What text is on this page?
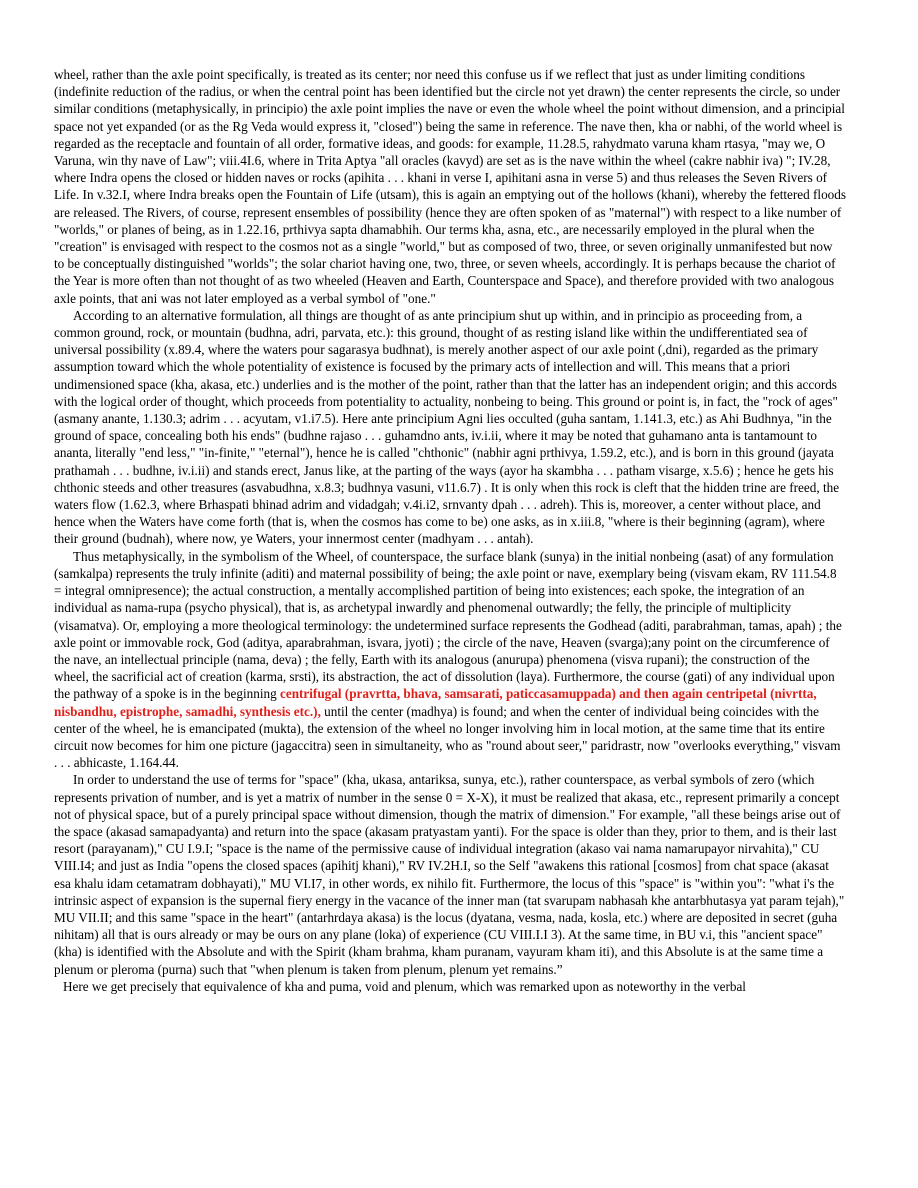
wheel, rather than the axle point specifically, is treated as its center; nor need this confuse us if we reflect that just as under limiting conditions (indefinite reduction of the radius, or when the central point has been identified but the circle not yet drawn) the center represents the circle, so under similar conditions (metaphysically, in principio) the axle point implies the nave or even the whole wheel the point without dimension, and a principial space not yet expanded (or as the Rg Veda would express it, "closed") being the same in reference. The nave then, kha or nabhi, of the world wheel is regarded as the receptacle and fountain of all order, formative ideas, and goods: for example, 11.28.5, rahydmato varuna kham rtasya, "may we, O Varuna, win thy nave of Law"; viii.4I.6, where in Trita Aptya "all oracles (kavyd) are set as is the nave within the wheel (cakre nabhir iva) "; IV.28, where Indra opens the closed or hidden naves or rocks (apihita . . . khani in verse I, apihitani asna in verse 5) and thus releases the Seven Rivers of Life. In v.32.I, where Indra breaks open the Fountain of Life (utsam), this is again an emptying out of the hollows (khani), whereby the fettered floods are released. The Rivers, of course, represent ensembles of possibility (hence they are often spoken of as "maternal") with respect to a like number of "worlds," or planes of being, as in 1.22.16, prthivya sapta dhamabhih. Our terms kha, asna, etc., are necessarily employed in the plural when the "creation" is envisaged with respect to the cosmos not as a single "world," but as composed of two, three, or seven originally unmanifested but now to be conceptually distinguished "worlds"; the solar chariot having one, two, three, or seven wheels, accordingly. It is perhaps because the chariot of the Year is more often than not thought of as two wheeled (Heaven and Earth, Counterspace and Space), and therefore provided with two analogous axle points, that ani was not later employed as a verbal symbol of "one."

According to an alternative formulation, all things are thought of as ante principium shut up within, and in principio as proceeding from, a common ground, rock, or mountain (budhna, adri, parvata, etc.): this ground, thought of as resting island like within the undifferentiated sea of universal possibility (x.89.4, where the waters pour sagarasya budhnat), is merely another aspect of our axle point (,dni), regarded as the primary assumption toward which the whole potentiality of existence is focused by the primary acts of intellection and will. This means that a priori undimensioned space (kha, akasa, etc.) underlies and is the mother of the point, rather than that the latter has an independent origin; and this accords with the logical order of thought, which proceeds from potentiality to actuality, nonbeing to being. This ground or point is, in fact, the "rock of ages" (asmany anante, 1.130.3; adrim . . . acyutam, v1.i7.5). Here ante principium Agni lies occulted (guha santam, 1.141.3, etc.) as Ahi Budhnya, "in the ground of space, concealing both his ends" (budhne rajaso . . . guhamdno ants, iv.i.ii, where it may be noted that guhamano anta is tantamount to ananta, literally "end less," "in-finite," "eternal"), hence he is called "chthonic" (nabhir agni prthivya, 1.59.2, etc.), and is born in this ground (jayata prathamah . . . budhne, iv.i.ii) and stands erect, Janus like, at the parting of the ways (ayor ha skambha . . . patham visarge, x.5.6) ; hence he gets his chthonic steeds and other treasures (asvabudhna, x.8.3; budhnya vasuni, v11.6.7) . It is only when this rock is cleft that the hidden trine are freed, the waters flow (1.62.3, where Brhaspati bhinad adrim and vidadgah; v.4i.i2, srnvanty dpah . . . adreh). This is, moreover, a center without place, and hence when the Waters have come forth (that is, when the cosmos has come to be) one asks, as in x.iii.8, "where is their beginning (agram), where their ground (budnah), where now, ye Waters, your innermost center (madhyam . . . antah).

Thus metaphysically, in the symbolism of the Wheel, of counterspace, the surface blank (sunya) in the initial nonbeing (asat) of any formulation (samkalpa) represents the truly infinite (aditi) and maternal possibility of being; the axle point or nave, exemplary being (visvam ekam, RV 111.54.8 = integral omnipresence); the actual construction, a mentally accomplished partition of being into existences; each spoke, the integration of an individual as nama-rupa (psycho physical), that is, as archetypal inwardly and phenomenal outwardly; the felly, the principle of multiplicity (visamatva). Or, employing a more theological terminology: the undetermined surface represents the Godhead (aditi, parabrahman, tamas, apah) ; the axle point or immovable rock, God (aditya, aparabrahman, isvara, jyoti) ; the circle of the nave, Heaven (svarga);any point on the circumference of the nave, an intellectual principle (nama, deva) ; the felly, Earth with its analogous (anurupa) phenomena (visva rupani); the construction of the wheel, the sacrificial act of creation (karma, srsti), its abstraction, the act of dissolution (laya). Furthermore, the course (gati) of any individual upon the pathway of a spoke is in the beginning centrifugal (pravrtta, bhava, samsarati, paticcasamuppada) and then again centripetal (nivrtta, nisbandhu, epistrophe, samadhi, synthesis etc.), until the center (madhya) is found; and when the center of individual being coincides with the center of the wheel, he is emancipated (mukta), the extension of the wheel no longer involving him in local motion, at the same time that its entire circuit now becomes for him one picture (jagaccitra) seen in simultaneity, who as "round about seer," paridrastr, now "overlooks everything," visvam . . . abhicaste, 1.164.44.

In order to understand the use of terms for "space" (kha, ukasa, antariksa, sunya, etc.), rather counterspace, as verbal symbols of zero (which represents privation of number, and is yet a matrix of number in the sense 0 = X-X), it must be realized that akasa, etc., represent primarily a concept not of physical space, but of a purely principal space without dimension, though the matrix of dimension." For example, "all these beings arise out of the space (akasad samapadyanta) and return into the space (akasam pratyastam yanti). For the space is older than they, prior to them, and is their last resort (parayanam)," CU I.9.I; "space is the name of the permissive cause of individual integration (akaso vai nama namarupayor nirvahita)," CU VIII.I4; and just as India "opens the closed spaces (apihitj khani)," RV IV.2H.I, so the Self "awakens this rational [cosmos] from chat space (akasat esa khalu idam cetamatram dobhayati)," MU VI.I7, in other words, ex nihilo fit. Furthermore, the locus of this "space" is "within you": "what i's the intrinsic aspect of expansion is the supernal fiery energy in the vacance of the inner man (tat svarupam nabhasah khe antarbhutasya yat param tejah)," MU VII.II; and this same "space in the heart" (antarhrdaya akasa) is the locus (dyatana, vesma, nada, kosla, etc.) where are deposited in secret (guha nihitam) all that is ours already or may be ours on any plane (loka) of experience (CU VIII.I.I 3). At the same time, in BU v.i, this "ancient space" (kha) is identified with the Absolute and with the Spirit (kham brahma, kham puranam, vayuram kham iti), and this Absolute is at the same time a plenum or pleroma (purna) such that "when plenum is taken from plenum, plenum yet remains.”

Here we get precisely that equivalence of kha and puma, void and plenum, which was remarked upon as noteworthy in the verbal
